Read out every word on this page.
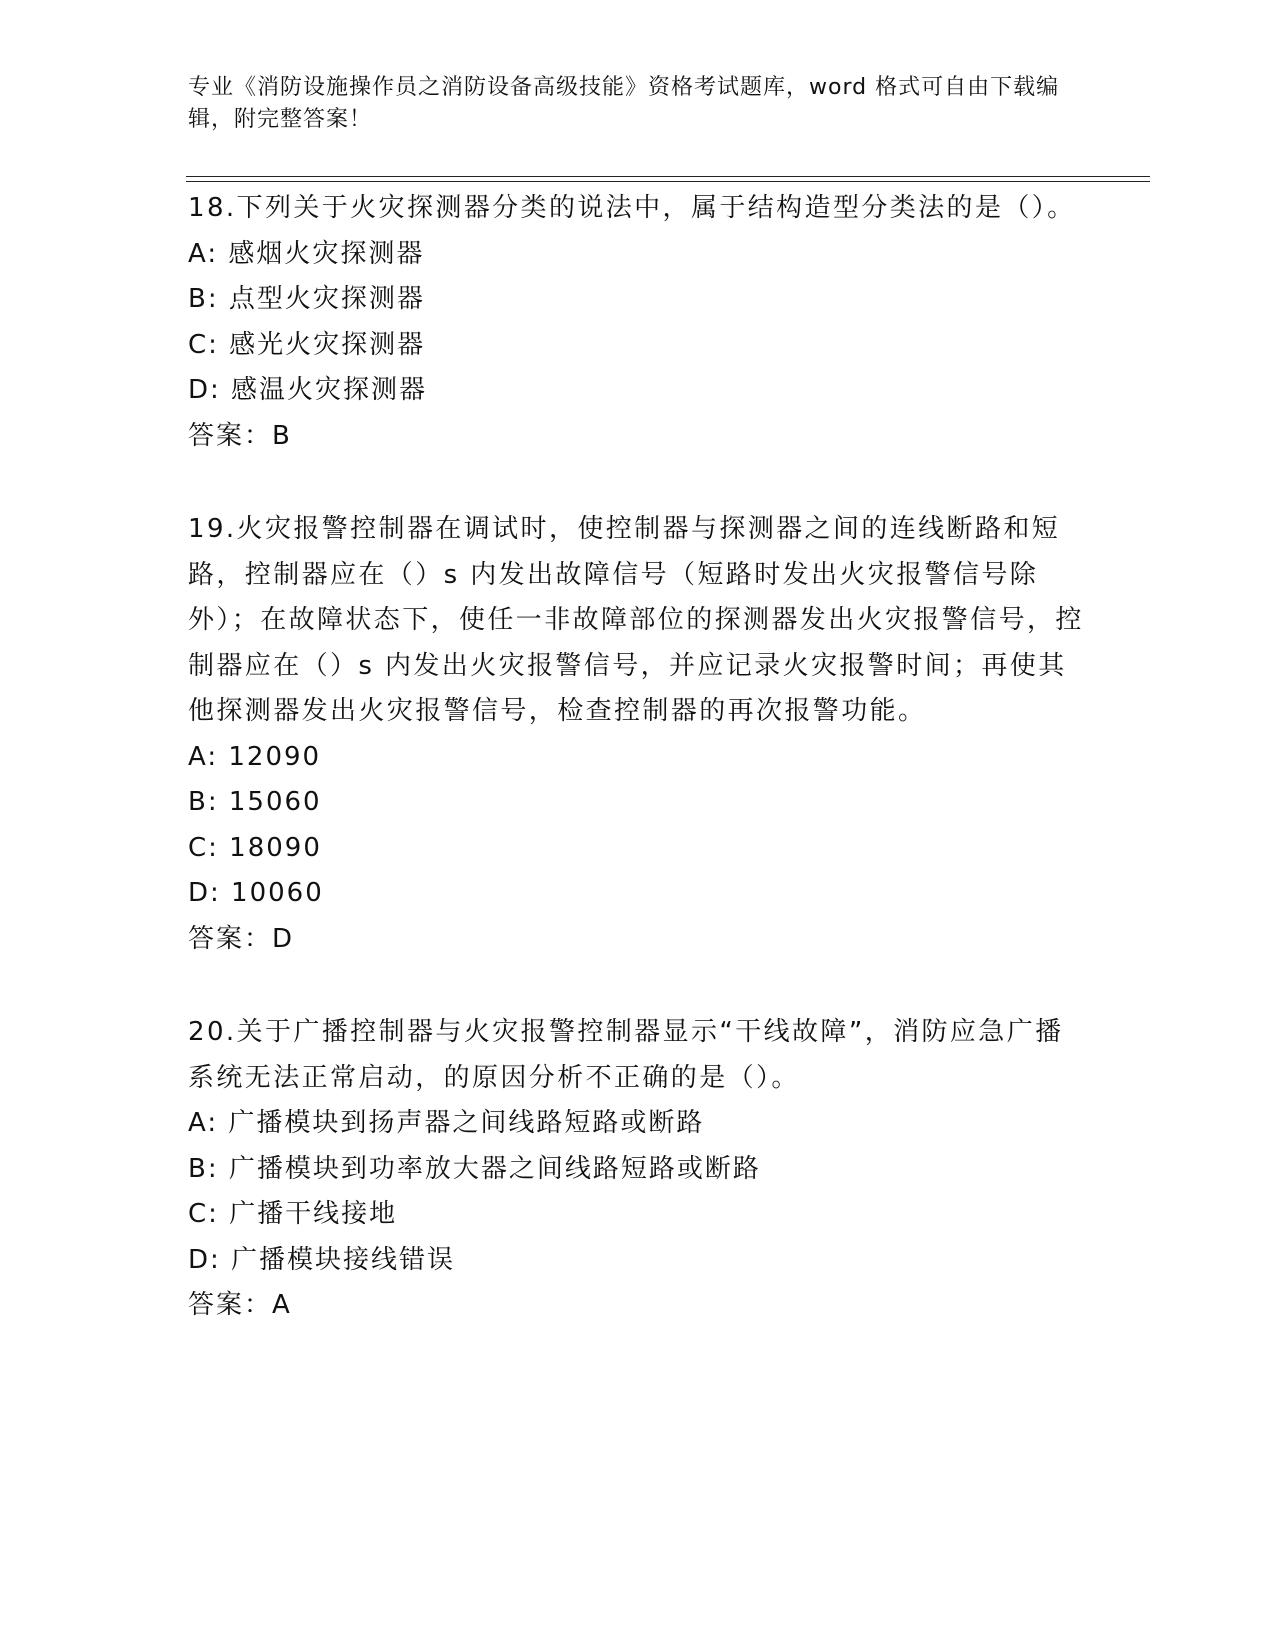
专业《消防设施操作员之消防设备高级技能》资格考试题库，word 格式可自由下载编辑，附完整答案！

18.下列关于火灾探测器分类的说法中，属于结构造型分类法的是（）。

A: 感烟火灾探测器

B: 点型火灾探测器

C: 感光火灾探测器

D: 感温火灾探测器

答案：B

19.火灾报警控制器在调试时，使控制器与探测器之间的连线断路和短路，控制器应在（）s 内发出故障信号（短路时发出火灾报警信号除外）；在故障状态下，使任一非故障部位的探测器发出火灾报警信号，控制器应在（）s 内发出火灾报警信号，并应记录火灾报警时间；再使其他探测器发出火灾报警信号，检查控制器的再次报警功能。

A: 12090

B: 15060

C: 18090

D: 10060

答案：D

20.关于广播控制器与火灾报警控制器显示“干线故障”，消防应急广播系统无法正常启动，的原因分析不正确的是（）。

A: 广播模块到扬声器之间线路短路或断路

B: 广播模块到功率放大器之间线路短路或断路

C: 广播干线接地

D: 广播模块接线错误

答案：A
